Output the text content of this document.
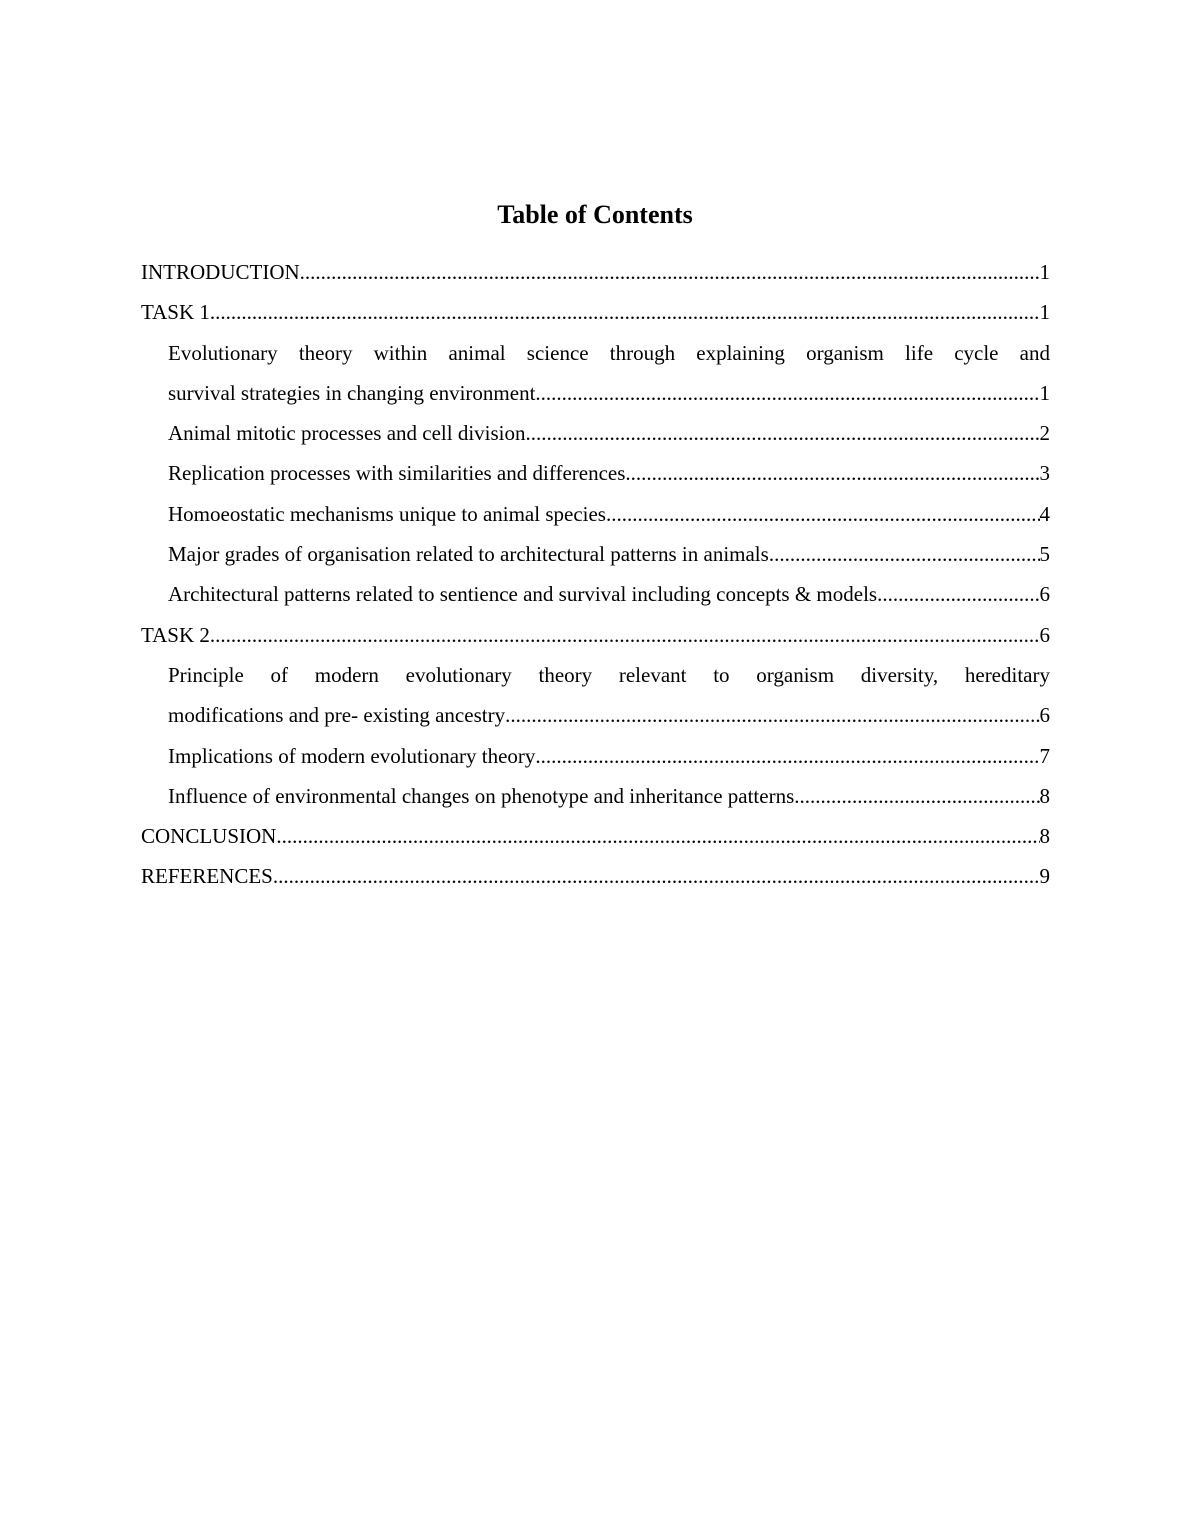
Table of Contents
INTRODUCTION .....	1
TASK 1 .....	1
Evolutionary theory within animal science through explaining organism life cycle and
survival strategies in changing environment .....	1
Animal mitotic processes and cell division .....	2
Replication processes with similarities and differences .....	3
Homoeostatic mechanisms unique to animal species .....	4
Major grades of organisation related to architectural patterns in animals .....	5
Architectural patterns related to sentience and survival including concepts & models .....	6
TASK 2 .....	6
Principle of modern evolutionary theory relevant to organism diversity, hereditary
modifications and pre- existing ancestry .....	6
Implications of modern evolutionary theory .....	7
Influence of environmental changes on phenotype and inheritance patterns .....	8
CONCLUSION .....	8
REFERENCES .....	9
